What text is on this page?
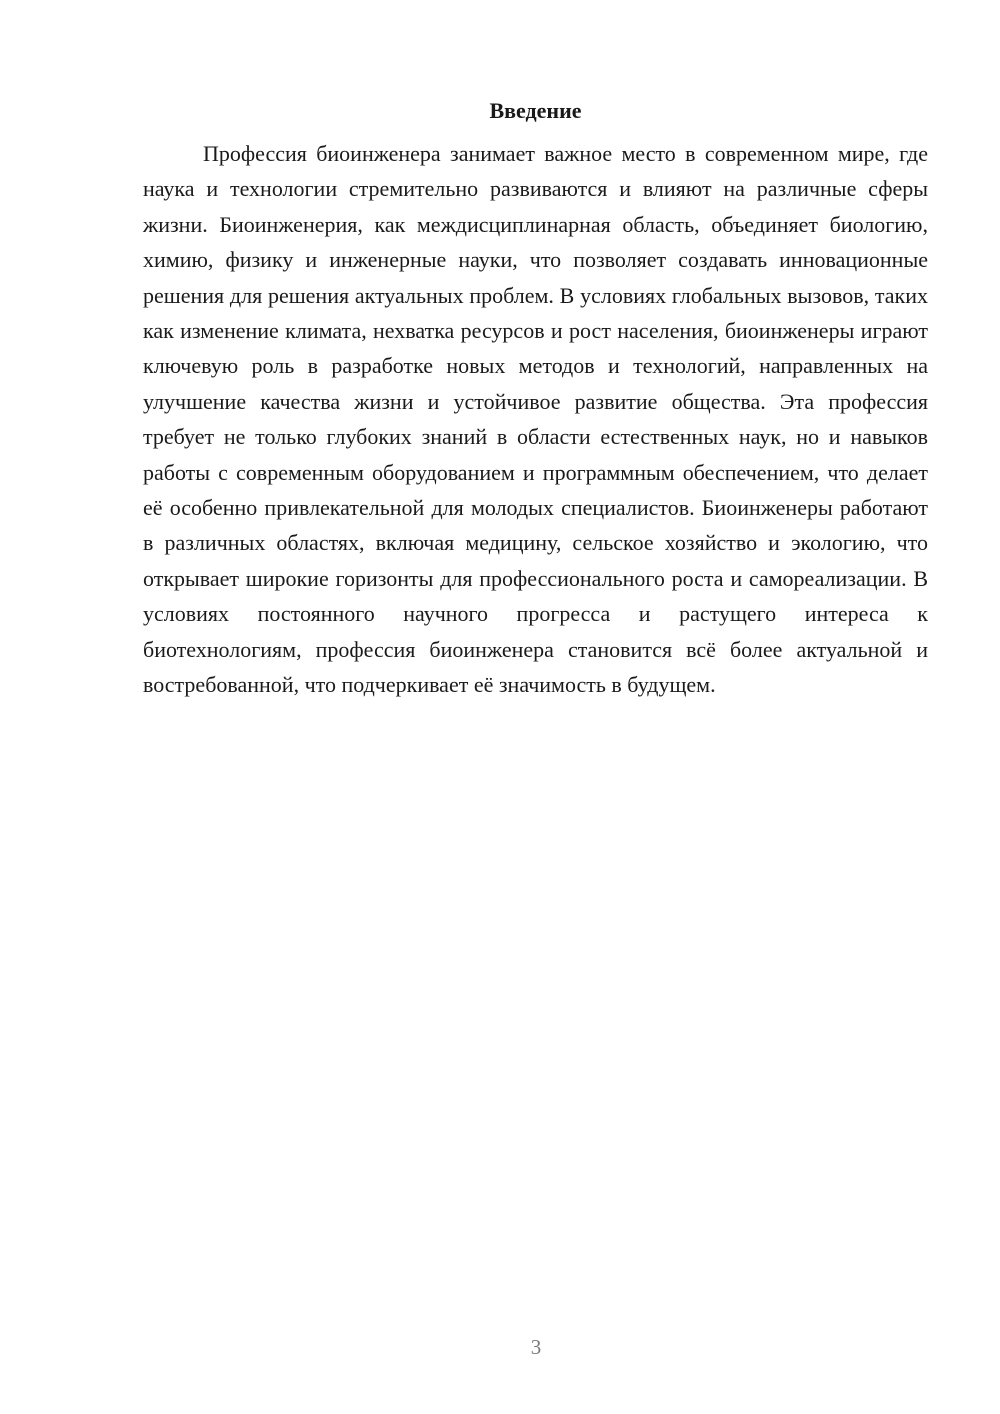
Введение

Профессия биоинженера занимает важное место в современном мире, где наука и технологии стремительно развиваются и влияют на различные сферы жизни. Биоинженерия, как междисциплинарная область, объединяет биологию, химию, физику и инженерные науки, что позволяет создавать инновационные решения для решения актуальных проблем. В условиях глобальных вызовов, таких как изменение климата, нехватка ресурсов и рост населения, биоинженеры играют ключевую роль в разработке новых методов и технологий, направленных на улучшение качества жизни и устойчивое развитие общества. Эта профессия требует не только глубоких знаний в области естественных наук, но и навыков работы с современным оборудованием и программным обеспечением, что делает её особенно привлекательной для молодых специалистов. Биоинженеры работают в различных областях, включая медицину, сельское хозяйство и экологию, что открывает широкие горизонты для профессионального роста и самореализации. В условиях постоянного научного прогресса и растущего интереса к биотехнологиям, профессия биоинженера становится всё более актуальной и востребованной, что подчеркивает её значимость в будущем.

3
